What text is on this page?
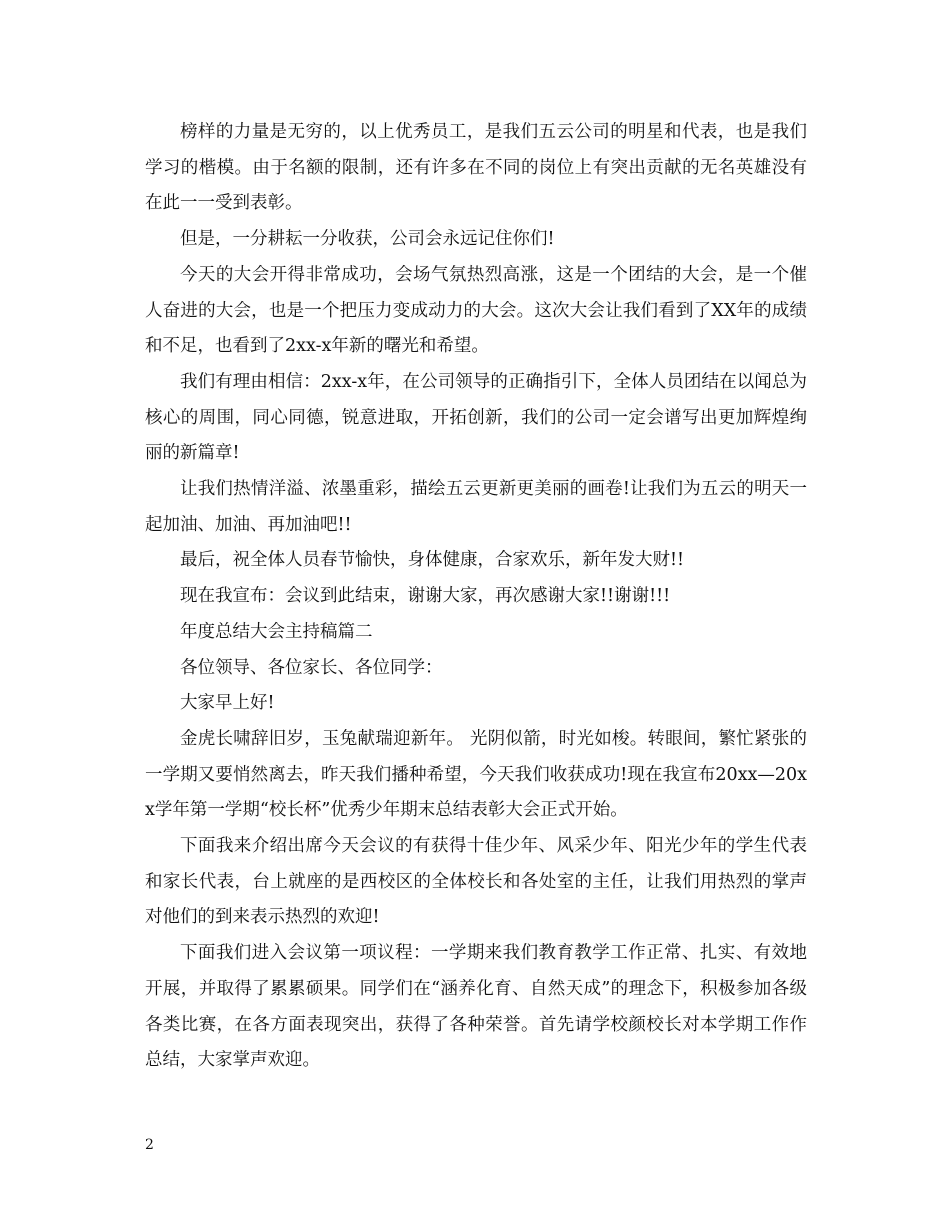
榜样的力量是无穷的，以上优秀员工，是我们五云公司的明星和代表，也是我们学习的楷模。由于名额的限制，还有许多在不同的岗位上有突出贡献的无名英雄没有在此一一受到表彰。

但是，一分耕耘一分收获，公司会永远记住你们!

今天的大会开得非常成功，会场气氛热烈高涨，这是一个团结的大会，是一个催人奋进的大会，也是一个把压力变成动力的大会。这次大会让我们看到了XX年的成绩和不足，也看到了2xx-x年新的曙光和希望。

我们有理由相信：2xx-x年，在公司领导的正确指引下，全体人员团结在以闻总为核心的周围，同心同德，锐意进取，开拓创新，我们的公司一定会谱写出更加辉煌绚丽的新篇章!

让我们热情洋溢、浓墨重彩，描绘五云更新更美丽的画卷!让我们为五云的明天一起加油、加油、再加油吧!!

最后，祝全体人员春节愉快，身体健康，合家欢乐，新年发大财!!

现在我宣布：会议到此结束，谢谢大家，再次感谢大家!!谢谢!!!

年度总结大会主持稿篇二

各位领导、各位家长、各位同学：

大家早上好!

金虎长啸辞旧岁，玉兔献瑞迎新年。 光阴似箭，时光如梭。转眼间，繁忙紧张的一学期又要悄然离去，昨天我们播种希望，今天我们收获成功!现在我宣布20xx—20xx学年第一学期“校长杯”优秀少年期末总结表彰大会正式开始。

下面我来介绍出席今天会议的有获得十佳少年、风采少年、阳光少年的学生代表和家长代表，台上就座的是西校区的全体校长和各处室的主任，让我们用热烈的掌声对他们的到来表示热烈的欢迎!

下面我们进入会议第一项议程：一学期来我们教育教学工作正常、扎实、有效地开展，并取得了累累硕果。同学们在“涵养化育、自然天成”的理念下，积极参加各级各类比赛，在各方面表现突出，获得了各种荣誉。首先请学校颜校长对本学期工作作总结，大家掌声欢迎。

2
